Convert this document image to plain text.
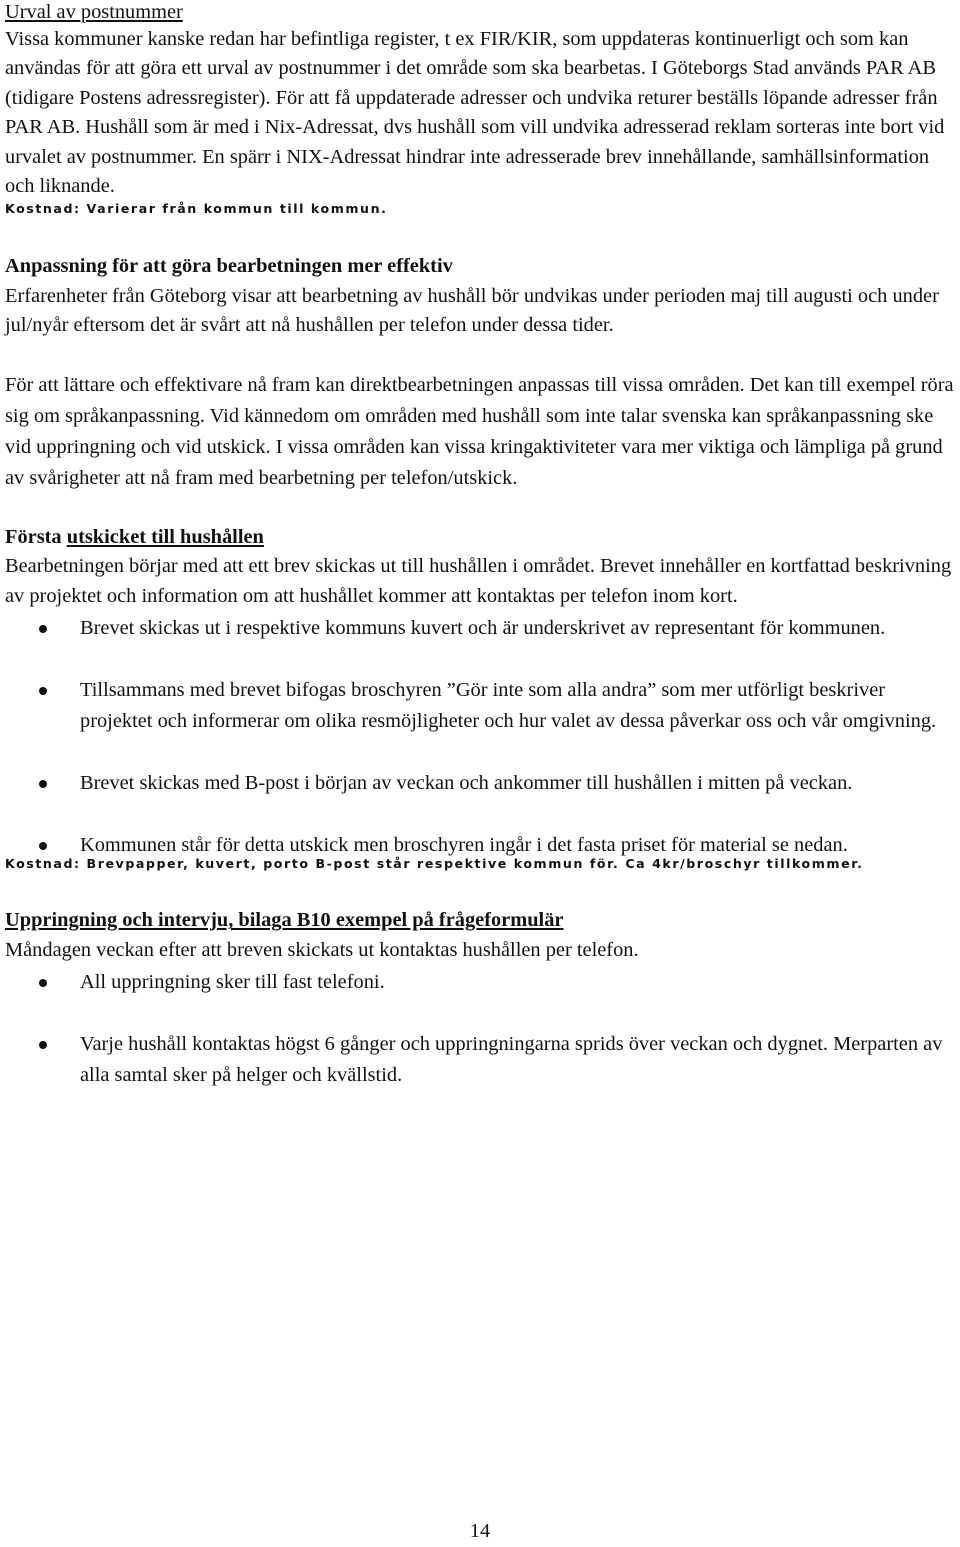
Urval av postnummer

Vissa kommuner kanske redan har befintliga register, t ex FIR/KIR, som uppdateras kontinuerligt och som kan användas för att göra ett urval av postnummer i det område som ska bearbetas. I Göteborgs Stad används PAR AB (tidigare Postens adressregister). För att få uppdaterade adresser och undvika returer beställs löpande adresser från PAR AB. Hushåll som är med i Nix-Adressat, dvs hushåll som vill undvika adresserad reklam sorteras inte bort vid urvalet av postnummer. En spärr i NIX-Adressat hindrar inte adresserade brev innehållande, samhällsinformation och liknande.

Kostnad: Varierar från kommun till kommun.
Anpassning för att göra bearbetningen mer effektiv

Erfarenheter från Göteborg visar att bearbetning av hushåll bör undvikas under perioden maj till augusti och under jul/nyår eftersom det är svårt att nå hushållen per telefon under dessa tider.

För att lättare och effektivare nå fram kan direktbearbetningen anpassas till vissa områden. Det kan till exempel röra sig om språkanpassning. Vid kännedom om områden med hushåll som inte talar svenska kan språkanpassning ske vid uppringning och vid utskick. I vissa områden kan vissa kringaktiviteter vara mer viktiga och lämpliga på grund av svårigheter att nå fram med bearbetning per telefon/utskick.

Första utskicket till hushållen

Bearbetningen börjar med att ett brev skickas ut till hushållen i området. Brevet innehåller en kortfattad beskrivning av projektet och information om att hushållet kommer att kontaktas per telefon inom kort.

Brevet skickas ut i respektive kommuns kuvert och är underskrivet av representant för kommunen.
Tillsammans med brevet bifogas broschyren ”Gör inte som alla andra” som mer utförligt beskriver projektet och informerar om olika resmöjligheter och hur valet av dessa påverkar oss och vår omgivning.
Brevet skickas med B-post i början av veckan och ankommer till hushållen i mitten på veckan.
Kommunen står för detta utskick men broschyren ingår i det fasta priset för material se nedan.
Kostnad: Brevpapper, kuvert, porto B-post står respektive kommun för. Ca 4kr/broschyr tillkommer.
Uppringning och intervju, bilaga B10 exempel på frågeformulär

Måndagen veckan efter att breven skickats ut kontaktas hushållen per telefon.

All uppringning sker till fast telefoni.
Varje hushåll kontaktas högst 6 gånger och uppringningarna sprids över veckan och dygnet. Merparten av alla samtal sker på helger och kvällstid.
14
